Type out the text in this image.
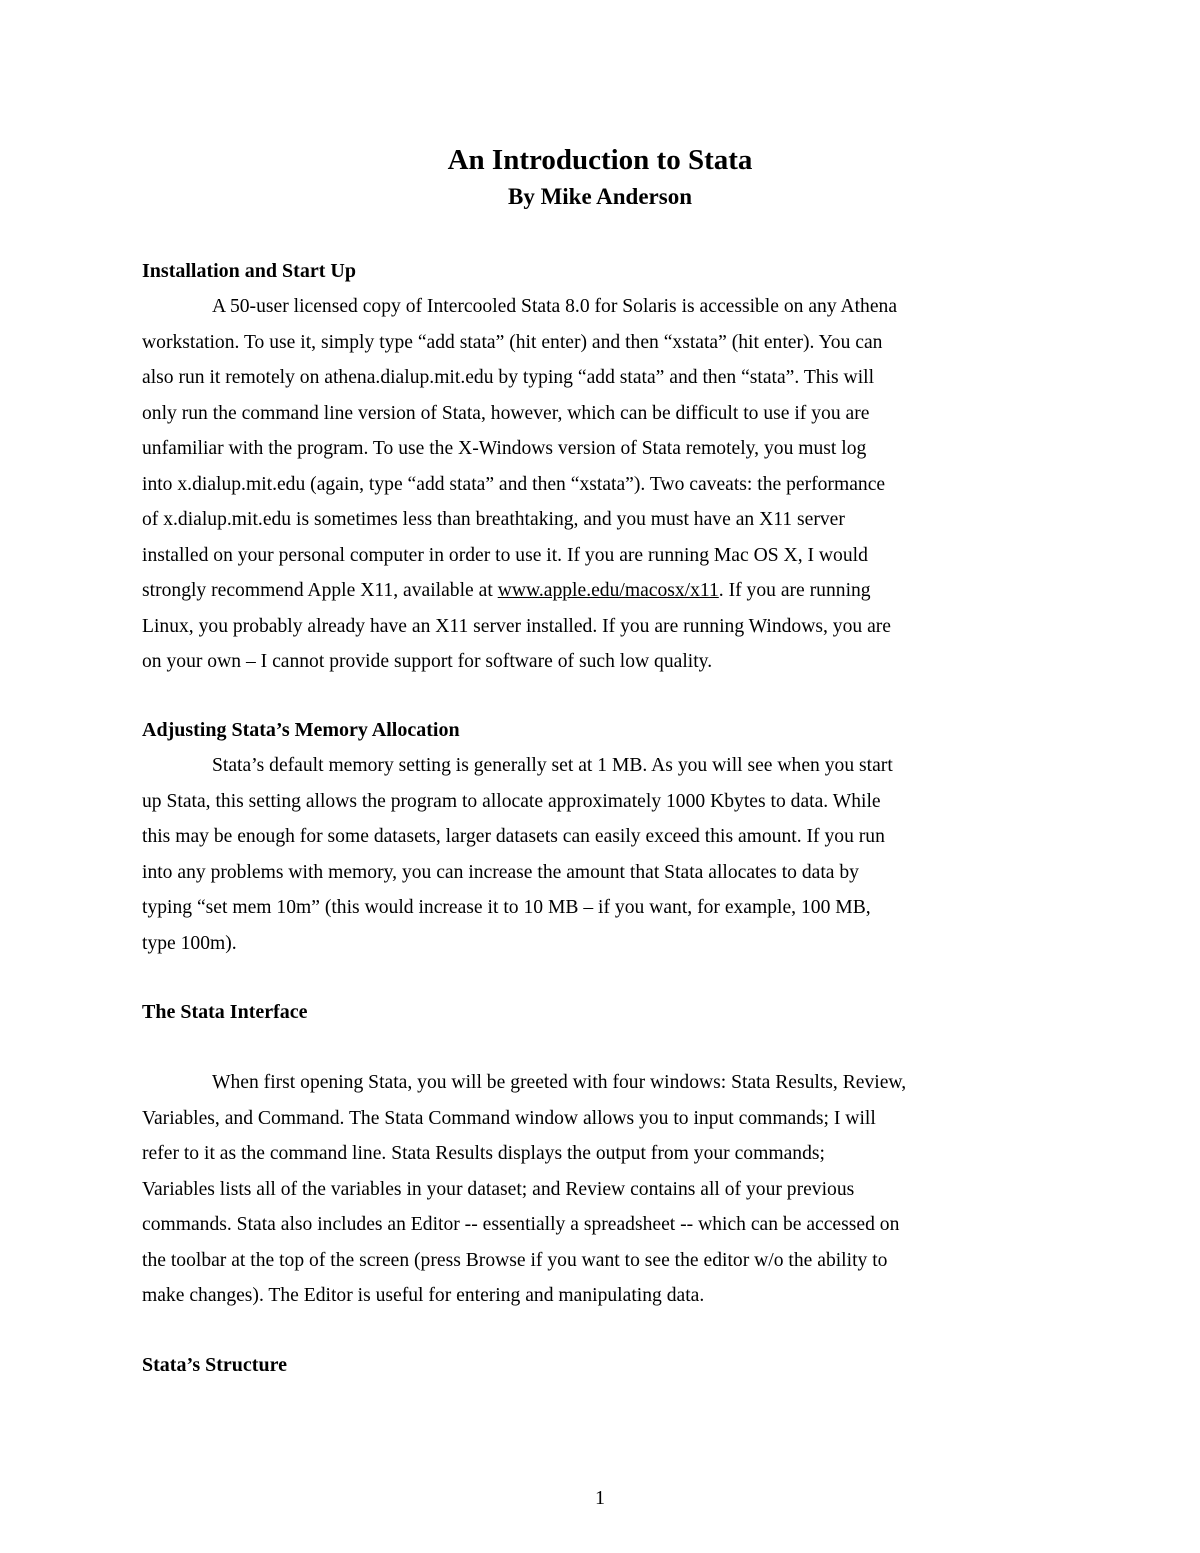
An Introduction to Stata
By Mike Anderson
Installation and Start Up
A 50-user licensed copy of Intercooled Stata 8.0 for Solaris is accessible on any Athena
workstation. To use it, simply type “add stata” (hit enter) and then “xstata” (hit enter). You can
also run it remotely on athena.dialup.mit.edu by typing “add stata” and then “stata”. This will
only run the command line version of Stata, however, which can be difficult to use if you are
unfamiliar with the program. To use the X-Windows version of Stata remotely, you must log
into x.dialup.mit.edu (again, type “add stata” and then “xstata”). Two caveats: the performance
of x.dialup.mit.edu is sometimes less than breathtaking, and you must have an X11 server
installed on your personal computer in order to use it. If you are running Mac OS X, I would
strongly recommend Apple X11, available at www.apple.edu/macosx/x11. If you are running
Linux, you probably already have an X11 server installed. If you are running Windows, you are
on your own – I cannot provide support for software of such low quality.
Adjusting Stata’s Memory Allocation
Stata’s default memory setting is generally set at 1 MB. As you will see when you start
up Stata, this setting allows the program to allocate approximately 1000 Kbytes to data. While
this may be enough for some datasets, larger datasets can easily exceed this amount. If you run
into any problems with memory, you can increase the amount that Stata allocates to data by
typing “set mem 10m” (this would increase it to 10 MB – if you want, for example, 100 MB,
type 100m).
The Stata Interface
When first opening Stata, you will be greeted with four windows: Stata Results, Review,
Variables, and Command. The Stata Command window allows you to input commands; I will
refer to it as the command line. Stata Results displays the output from your commands;
Variables lists all of the variables in your dataset; and Review contains all of your previous
commands. Stata also includes an Editor -- essentially a spreadsheet -- which can be accessed on
the toolbar at the top of the screen (press Browse if you want to see the editor w/o the ability to
make changes). The Editor is useful for entering and manipulating data.
Stata’s Structure
1
